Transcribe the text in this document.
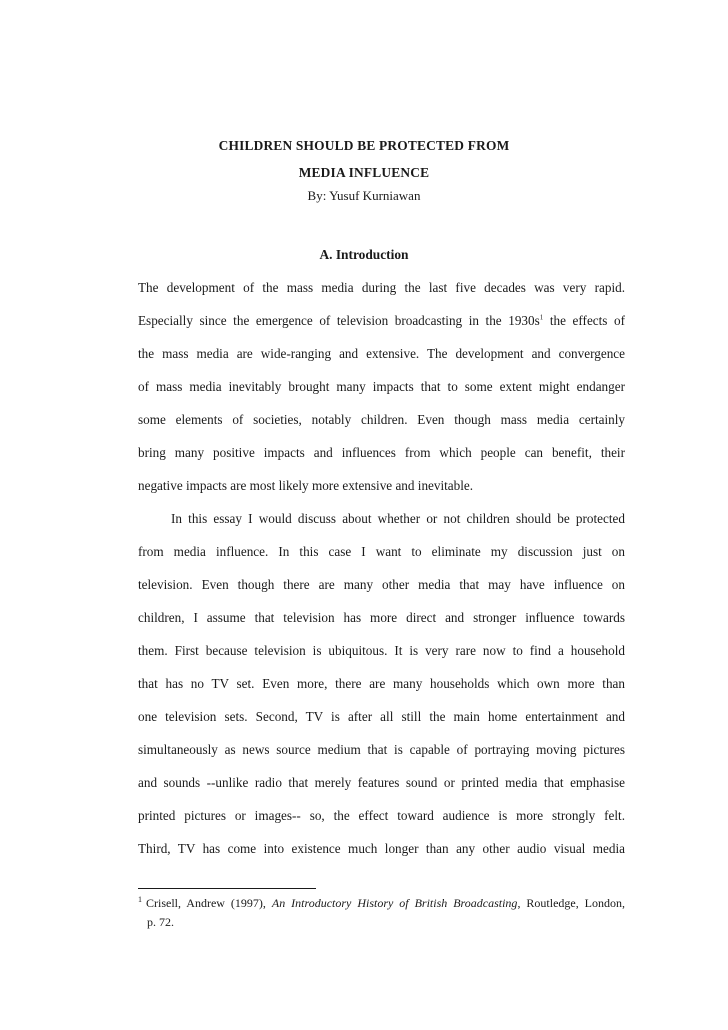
CHILDREN SHOULD BE PROTECTED FROM
MEDIA INFLUENCE
By: Yusuf Kurniawan
A. Introduction
The development of the mass media during the last five decades was very rapid.
Especially since the emergence of television broadcasting in the $1930s^1$ the effects of
the mass media are wide-ranging and extensive. The development and convergence
of mass media inevitably brought many impacts that to some extent might endanger
some elements of societies, notably children. Even though mass media certainly
bring many positive impacts and influences from which people can benefit, their
negative impacts are most likely more extensive and inevitable.
In this essay I would discuss about whether or not children should be protected
from media influence. In this case I want to eliminate my discussion just on
television. Even though there are many other media that may have influence on
children, I assume that television has more direct and stronger influence towards
them. First because television is ubiquitous. It is very rare now to find a household
that has no TV set. Even more, there are many households which own more than
one television sets. Second, TV is after all still the main home entertainment and
simultaneously as news source medium that is capable of portraying moving pictures
and sounds --unlike radio that merely features sound or printed media that emphasise
printed pictures or images-- so, the effect toward audience is more strongly felt.
Third, TV has come into existence much longer than any other audio visual media
$^1$ Crisell, Andrew (1997), An Introductory History of British Broadcasting, Routledge, London,
p. 72.
